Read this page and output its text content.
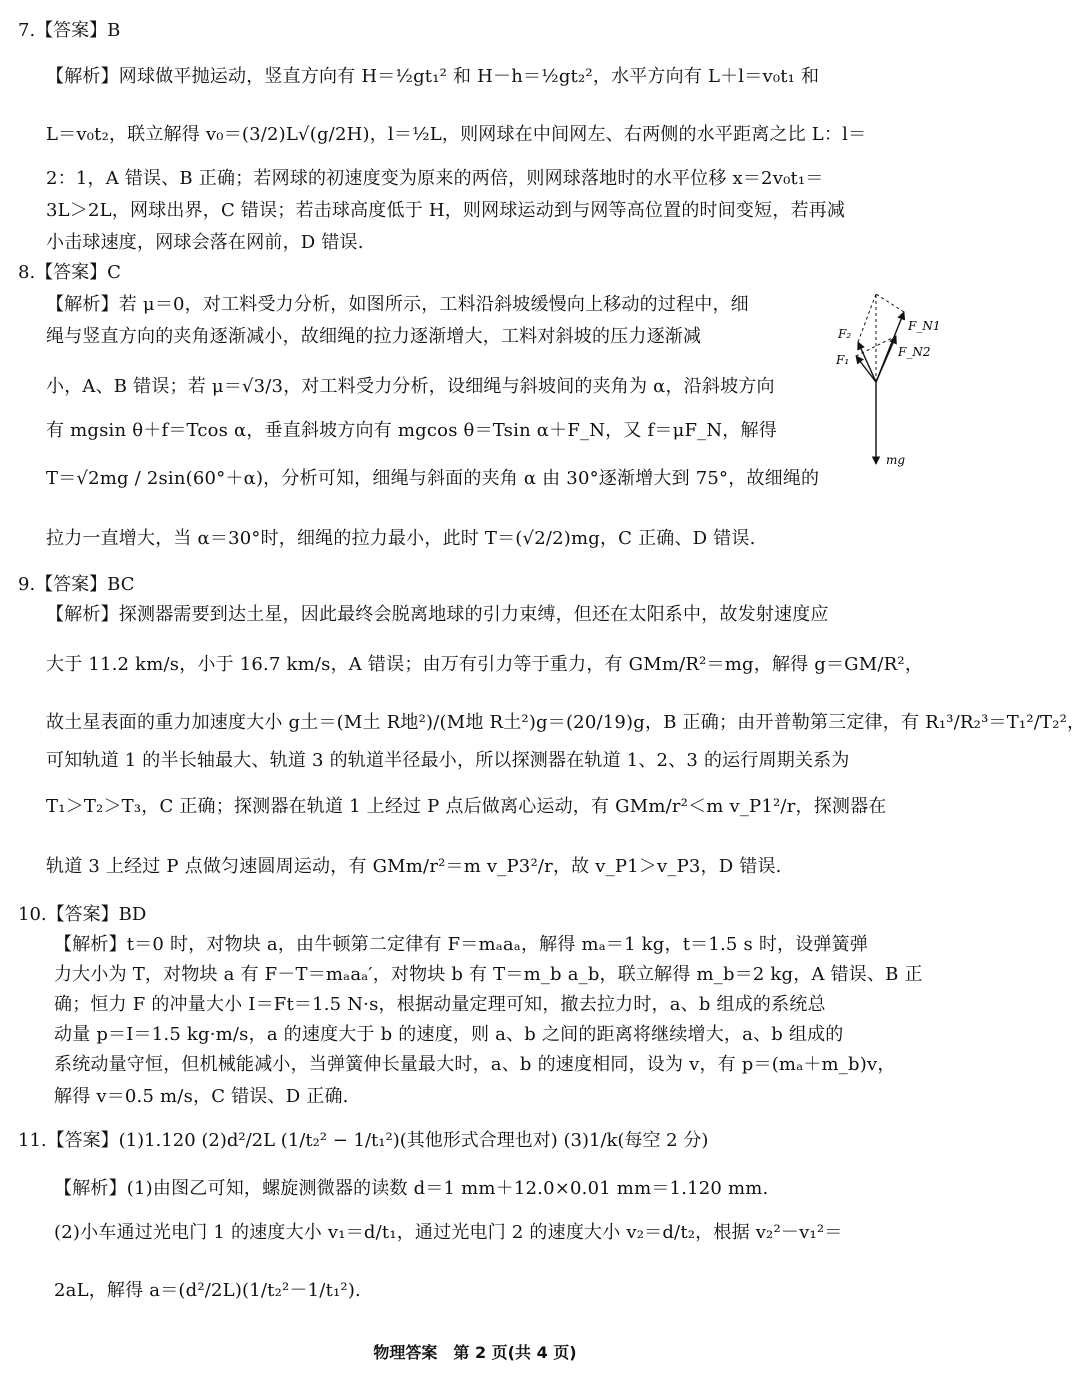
7.【答案】B
【解析】网球做平抛运动，竖直方向有 H＝½gt₁² 和 H－h＝½gt₂²，水平方向有 L＋l＝v₀t₁ 和
L＝v₀t₂，联立解得 v₀＝(3/2)L√(g/2H)，l＝½L，则网球在中间网左、右两侧的水平距离之比 L：l＝
2：1，A 错误、B 正确；若网球的初速度变为原来的两倍，则网球落地时的水平位移 x＝2v₀t₁＝
3L＞2L，网球出界，C 错误；若击球高度低于 H，则网球运动到与网等高位置的时间变短，若再减
小击球速度，网球会落在网前，D 错误.
8.【答案】C
【解析】若 μ＝0，对工料受力分析，如图所示，工料沿斜坡缓慢向上移动的过程中，细
绳与竖直方向的夹角逐渐减小，故细绳的拉力逐渐增大，工料对斜坡的压力逐渐减
小，A、B 错误；若 μ＝√3/3，对工料受力分析，设细绳与斜坡间的夹角为 α，沿斜坡方向
有 mgsin θ＋f＝Tcos α，垂直斜坡方向有 mgcos θ＝Tsin α＋F_N，又 f＝μF_N，解得
T＝√2mg / 2sin(60°＋α)，分析可知，细绳与斜面的夹角 α 由 30°逐渐增大到 75°，故细绳的
拉力一直增大，当 α＝30°时，细绳的拉力最小，此时 T＝(√2/2)mg，C 正确、D 错误.
F₂
F₁
F_N1
F_N2
mg
9.【答案】BC
【解析】探测器需要到达土星，因此最终会脱离地球的引力束缚，但还在太阳系中，故发射速度应
大于 11.2 km/s，小于 16.7 km/s，A 错误；由万有引力等于重力，有 GMm/R²＝mg，解得 g＝GM/R²，
故土星表面的重力加速度大小 g土＝(M土 R地²)/(M地 R土²)g＝(20/19)g，B 正确；由开普勒第三定律，有 R₁³/R₂³＝T₁²/T₂²，
可知轨道 1 的半长轴最大、轨道 3 的轨道半径最小，所以探测器在轨道 1、2、3 的运行周期关系为
T₁＞T₂＞T₃，C 正确；探测器在轨道 1 上经过 P 点后做离心运动，有 GMm/r²＜m v_P1²/r，探测器在
轨道 3 上经过 P 点做匀速圆周运动，有 GMm/r²＝m v_P3²/r，故 v_P1＞v_P3，D 错误.
10.【答案】BD
【解析】t＝0 时，对物块 a，由牛顿第二定律有 F＝mₐaₐ，解得 mₐ＝1 kg，t＝1.5 s 时，设弹簧弹
力大小为 T，对物块 a 有 F－T＝mₐaₐ′，对物块 b 有 T＝m_b a_b，联立解得 m_b＝2 kg，A 错误、B 正
确；恒力 F 的冲量大小 I＝Ft＝1.5 N·s，根据动量定理可知，撤去拉力时，a、b 组成的系统总
动量 p＝I＝1.5 kg·m/s，a 的速度大于 b 的速度，则 a、b 之间的距离将继续增大，a、b 组成的
系统动量守恒，但机械能减小，当弹簧伸长量最大时，a、b 的速度相同，设为 v，有 p＝(mₐ＋m_b)v，
解得 v＝0.5 m/s，C 错误、D 正确.
11.【答案】(1)1.120 (2)d²/2L (1/t₂² − 1/t₁²)(其他形式合理也对) (3)1/k(每空 2 分)
【解析】(1)由图乙可知，螺旋测微器的读数 d＝1 mm＋12.0×0.01 mm＝1.120 mm.
(2)小车通过光电门 1 的速度大小 v₁＝d/t₁，通过光电门 2 的速度大小 v₂＝d/t₂，根据 v₂²－v₁²＝
2aL，解得 a＝(d²/2L)(1/t₂²－1/t₁²).
物理答案　第 2 页(共 4 页)
